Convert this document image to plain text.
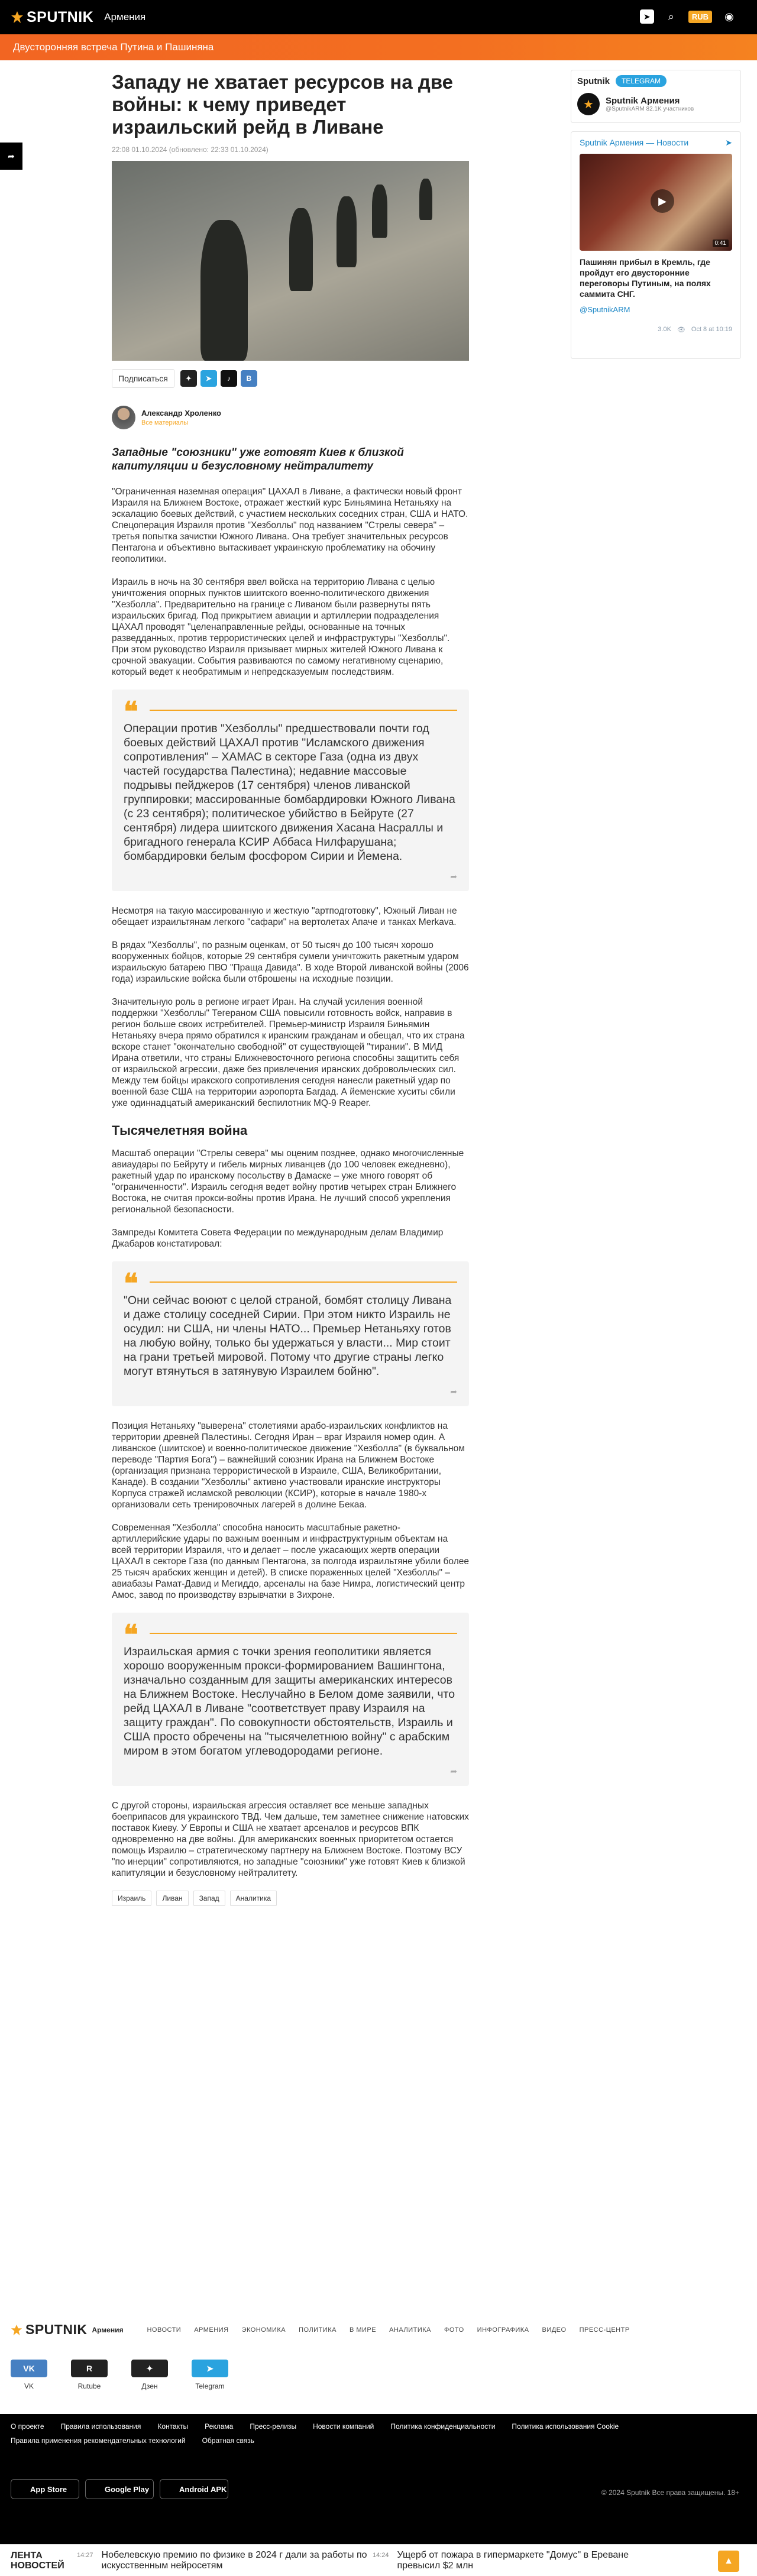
SPUTNIK Армения	➤	⌕	RUB	◉
Двусторонняя встреча Путина и Пашиняна
➦
Западу не хватает ресурсов на две войны: к чему приведет израильский рейд в Ливане
22:08 01.10.2024 (обновлено: 22:33 01.10.2024)
Подписаться	✦	➤	♪	В
Александр Хроленко
Все материалы
Западные "союзники" уже готовят Киев к близкой капитуляции и безусловному нейтралитету

"Ограниченная наземная операция" ЦАХАЛ в Ливане, а фактически новый фронт Израиля на Ближнем Востоке, отражает жесткий курс Биньямина Нетаньяху на эскалацию боевых действий, с участием нескольких соседних стран, США и НАТО. Спецоперация Израиля против "Хезболлы" под названием "Стрелы севера" – третья попытка зачистки Южного Ливана. Она требует значительных ресурсов Пентагона и объективно вытаскивает украинскую проблематику на обочину геополитики.

Израиль в ночь на 30 сентября ввел войска на территорию Ливана с целью уничтожения опорных пунктов шиитского военно-политического движения "Хезболла". Предварительно на границе с Ливаном были развернуты пять израильских бригад. Под прикрытием авиации и артиллерии подразделения ЦАХАЛ проводят "целенаправленные рейды, основанные на точных разведданных, против террористических целей и инфраструктуры "Хезболлы". При этом руководство Израиля призывает мирных жителей Южного Ливана к срочной эвакуации. События развиваются по самому негативному сценарию, который ведет к необратимым и непредсказуемым последствиям.

❝
Операции против "Хезболлы" предшествовали почти год боевых действий ЦАХАЛ против "Исламского движения сопротивления" – ХАМАС в секторе Газа (одна из двух частей государства Палестина); недавние массовые подрывы пейджеров (17 сентября) членов ливанской группировки; массированные бомбардировки Южного Ливана (с 23 сентября); политическое убийство в Бейруте (27 сентября) лидера шиитского движения Хасана Насраллы и бригадного генерала КСИР Аббаса Нилфарушана; бомбардировки белым фосфором Сирии и Йемена.
➦

Несмотря на такую массированную и жесткую "артподготовку", Южный Ливан не обещает израильтянам легкого "сафари" на вертолетах Апаче и танках Merkava.

В рядах "Хезболлы", по разным оценкам, от 50 тысяч до 100 тысяч хорошо вооруженных бойцов, которые 29 сентября сумели уничтожить ракетным ударом израильскую батарею ПВО "Праща Давида". В ходе Второй ливанской войны (2006 года) израильские войска были отброшены на исходные позиции.

Значительную роль в регионе играет Иран. На случай усиления военной поддержки "Хезболлы" Тегераном США повысили готовность войск, направив в регион больше своих истребителей. Премьер-министр Израиля Биньямин Нетаньяху вчера прямо обратился к иранским гражданам и обещал, что их страна вскоре станет "окончательно свободной" от существующей "тирании". В МИД Ирана ответили, что страны Ближневосточного региона способны защитить себя от израильской агрессии, даже без привлечения иранских добровольческих сил. Между тем бойцы иракского сопротивления сегодня нанесли ракетный удар по военной базе США на территории аэропорта Багдад. А йеменские хуситы сбили уже одиннадцатый американский беспилотник MQ-9 Reaper.

Тысячелетняя война

Масштаб операции "Стрелы севера" мы оценим позднее, однако многочисленные авиаудары по Бейруту и гибель мирных ливанцев (до 100 человек ежедневно), ракетный удар по иранскому посольству в Дамаске – уже много говорят об "ограниченности". Израиль сегодня ведет войну против четырех стран Ближнего Востока, не считая прокси-войны против Ирана. Не лучший способ укрепления региональной безопасности.

Зампреды Комитета Совета Федерации по международным делам Владимир Джабаров констатировал:

❝
"Они сейчас воюют с целой страной, бомбят столицу Ливана и даже столицу соседней Сирии. При этом никто Израиль не осудил: ни США, ни члены НАТО... Премьер Нетаньяху готов на любую войну, только бы удержаться у власти... Мир стоит на грани третьей мировой. Потому что другие страны легко могут втянуться в затянувую Израилем бойню".
➦

Позиция Нетаньяху "выверена" столетиями арабо-израильских конфликтов на территории древней Палестины. Сегодня Иран – враг Израиля номер один. А ливанское (шиитское) и военно-политическое движение "Хезболла" (в буквальном переводе "Партия Бога") – важнейший союзник Ирана на Ближнем Востоке (организация признана террористической в Израиле, США, Великобритании, Канаде). В создании "Хезболлы" активно участвовали иранские инструкторы Корпуса стражей исламской революции (КСИР), которые в начале 1980-х организовали сеть тренировочных лагерей в долине Бекаа.

Современная "Хезболла" способна наносить масштабные ракетно-артиллерийские удары по важным военным и инфраструктурным объектам на всей территории Израиля, что и делает – после ужасающих жертв операции ЦАХАЛ в секторе Газа (по данным Пентагона, за полгода израильтяне убили более 25 тысяч арабских женщин и детей). В списке пораженных целей "Хезболлы" – авиабазы Рамат-Давид и Мегиддо, арсеналы на базе Нимра, логистический центр Амос, завод по производству взрывчатки в Зихроне.

❝
Израильская армия с точки зрения геополитики является хорошо вооруженным прокси-формированием Вашингтона, изначально созданным для защиты американских интересов на Ближнем Востоке. Неслучайно в Белом доме заявили, что рейд ЦАХАЛ в Ливане "соответствует праву Израиля на защиту граждан". По совокупности обстоятельств, Израиль и США просто обречены на "тысячелетнюю войну" с арабским миром в этом богатом углеводородами регионе.
➦

С другой стороны, израильская агрессия оставляет все меньше западных боеприпасов для украинского ТВД. Чем дальше, тем заметнее снижение натовских поставок Киеву. У Европы и США не хватает арсеналов и ресурсов ВПК одновременно на две войны. Для американских военных приоритетом остается помощь Израилю – стратегическому партнеру на Ближнем Востоке. Поэтому ВСУ "по инерции" сопротивляются, но западные "союзники" уже готовят Киев к близкой капитуляции и безусловному нейтралитету.

Израиль	Ливан	Запад	Аналитика
Sputnik	TELEGRAM
★	Sputnik Армения
@SputnikARM 82.1K участников
Sputnik Армения — Новости	➤
▶
0:41
Пашинян прибыл в Кремль, где пройдут его двусторонние переговоры Путиным, на полях саммита СНГ.
@SputnikARM
3.0K 👁 Oct 8 at 10:19
SPUTNIK Армения	НОВОСТИ АРМЕНИЯ ЭКОНОМИКА ПОЛИТИКА В МИРЕ АНАЛИТИКА ФОТО ИНФОГРАФИКА ВИДЕО ПРЕСС-ЦЕНТР
VK
VK
R
Rutube
✦
Дзен
➤
Telegram
О проекте Правила использования Контакты Реклама Пресс-релизы Новости компаний Политика конфиденциальности Политика использования Cookie
Правила применения рекомендательных технологий Обратная связь
App Store	Google Play	Android APK	© 2024 Sputnik Все права защищены. 18+
ЛЕНТА НОВОСТЕЙ
14:27 Нобелевскую премию по физике в 2024 г дали за работы по искусственным нейросетям
14:24 Ущерб от пожара в гипермаркете "Домус" в Ереване превысил $2 млн	▲
